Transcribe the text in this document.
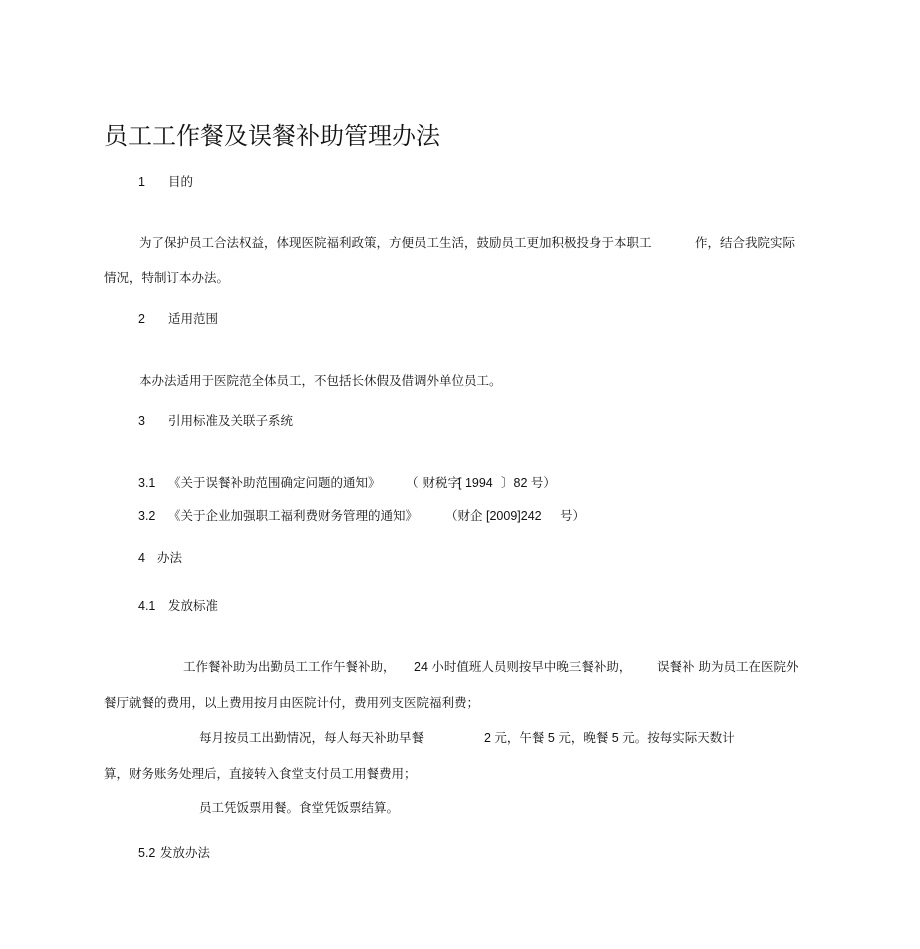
员工工作餐及误餐补助管理办法
1 目的
为了保护员工合法权益，体现医院福利政策，方便员工生活，鼓励员工更加积极投身于本职工	作，结合我院实际
情况，特制订本办法。
2 适用范围
本办法适用于医院范全体员工，不包括长休假及借调外单位员工。
3 引用标准及关联子系统
3.1 《关于误餐补助范围确定问题的通知》 （ 财税字
[ 1994 〕82 号）
3.2 《关于企业加强职工福利费财务管理的通知》 （财企 [2009]242 号）
4 办法
4.1 发放标准
工作餐补助为出勤员工工作午餐补助， 24 小时值班人员则按早中晚三餐补助， 误餐补 助为员工在医院外
餐厅就餐的费用，以上费用按月由医院计付，费用列支医院福利费；
每月按员工出勤情况，每人每天补助早餐	2 元，午餐 5 元，晚餐 5 元。按每实际天数计
算，财务账务处理后，直接转入食堂支付员工用餐费用；
员工凭饭票用餐。食堂凭饭票结算。
5.2 发放办法
